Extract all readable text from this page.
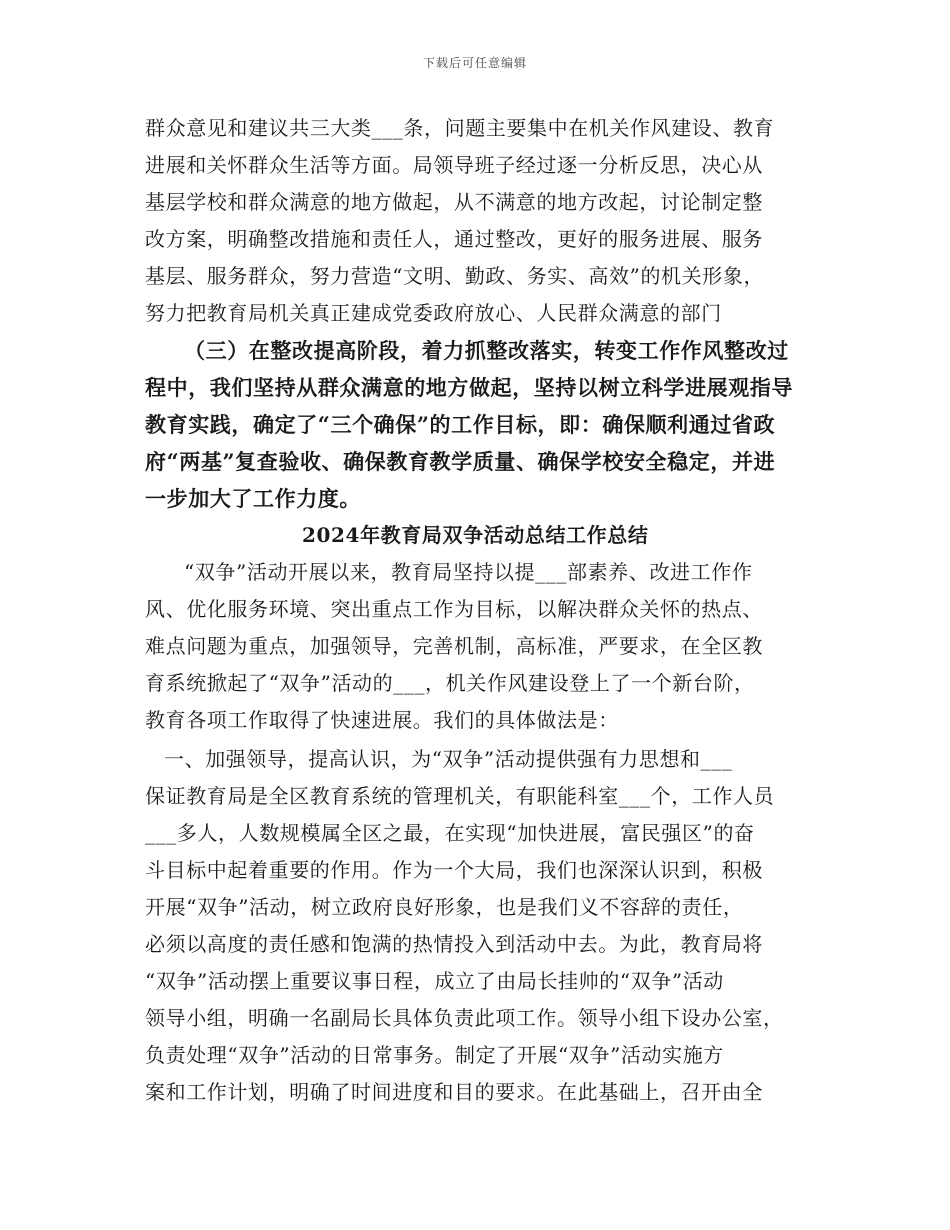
下载后可任意编辑
群众意见和建议共三大类___条，问题主要集中在机关作风建设、教育
进展和关怀群众生活等方面。局领导班子经过逐一分析反思，决心从
基层学校和群众满意的地方做起，从不满意的地方改起，讨论制定整
改方案，明确整改措施和责任人，通过整改，更好的服务进展、服务
基层、服务群众，努力营造“文明、勤政、务实、高效”的机关形象，
努力把教育局机关真正建成党委政府放心、人民群众满意的部门
（三）在整改提高阶段，着力抓整改落实，转变工作作风整改过
程中，我们坚持从群众满意的地方做起，坚持以树立科学进展观指导
教育实践，确定了“三个确保”的工作目标，即：确保顺利通过省政
府“两基”复查验收、确保教育教学质量、确保学校安全稳定，并进
一步加大了工作力度。
2024年教育局双争活动总结工作总结
“双争”活动开展以来，教育局坚持以提___部素养、改进工作作
风、优化服务环境、突出重点工作为目标，以解决群众关怀的热点、
难点问题为重点，加强领导，完善机制，高标准，严要求，在全区教
育系统掀起了“双争”活动的___，机关作风建设登上了一个新台阶，
教育各项工作取得了快速进展。我们的具体做法是：
一、加强领导，提高认识，为“双争”活动提供强有力思想和___
保证教育局是全区教育系统的管理机关，有职能科室___个，工作人员
___多人，人数规模属全区之最，在实现“加快进展，富民强区”的奋
斗目标中起着重要的作用。作为一个大局，我们也深深认识到，积极
开展“双争”活动，树立政府良好形象，也是我们义不容辞的责任，
必须以高度的责任感和饱满的热情投入到活动中去。为此，教育局将
“双争”活动摆上重要议事日程，成立了由局长挂帅的“双争”活动
领导小组，明确一名副局长具体负责此项工作。领导小组下设办公室，
负责处理“双争”活动的日常事务。制定了开展“双争”活动实施方
案和工作计划，明确了时间进度和目的要求。在此基础上，召开由全
